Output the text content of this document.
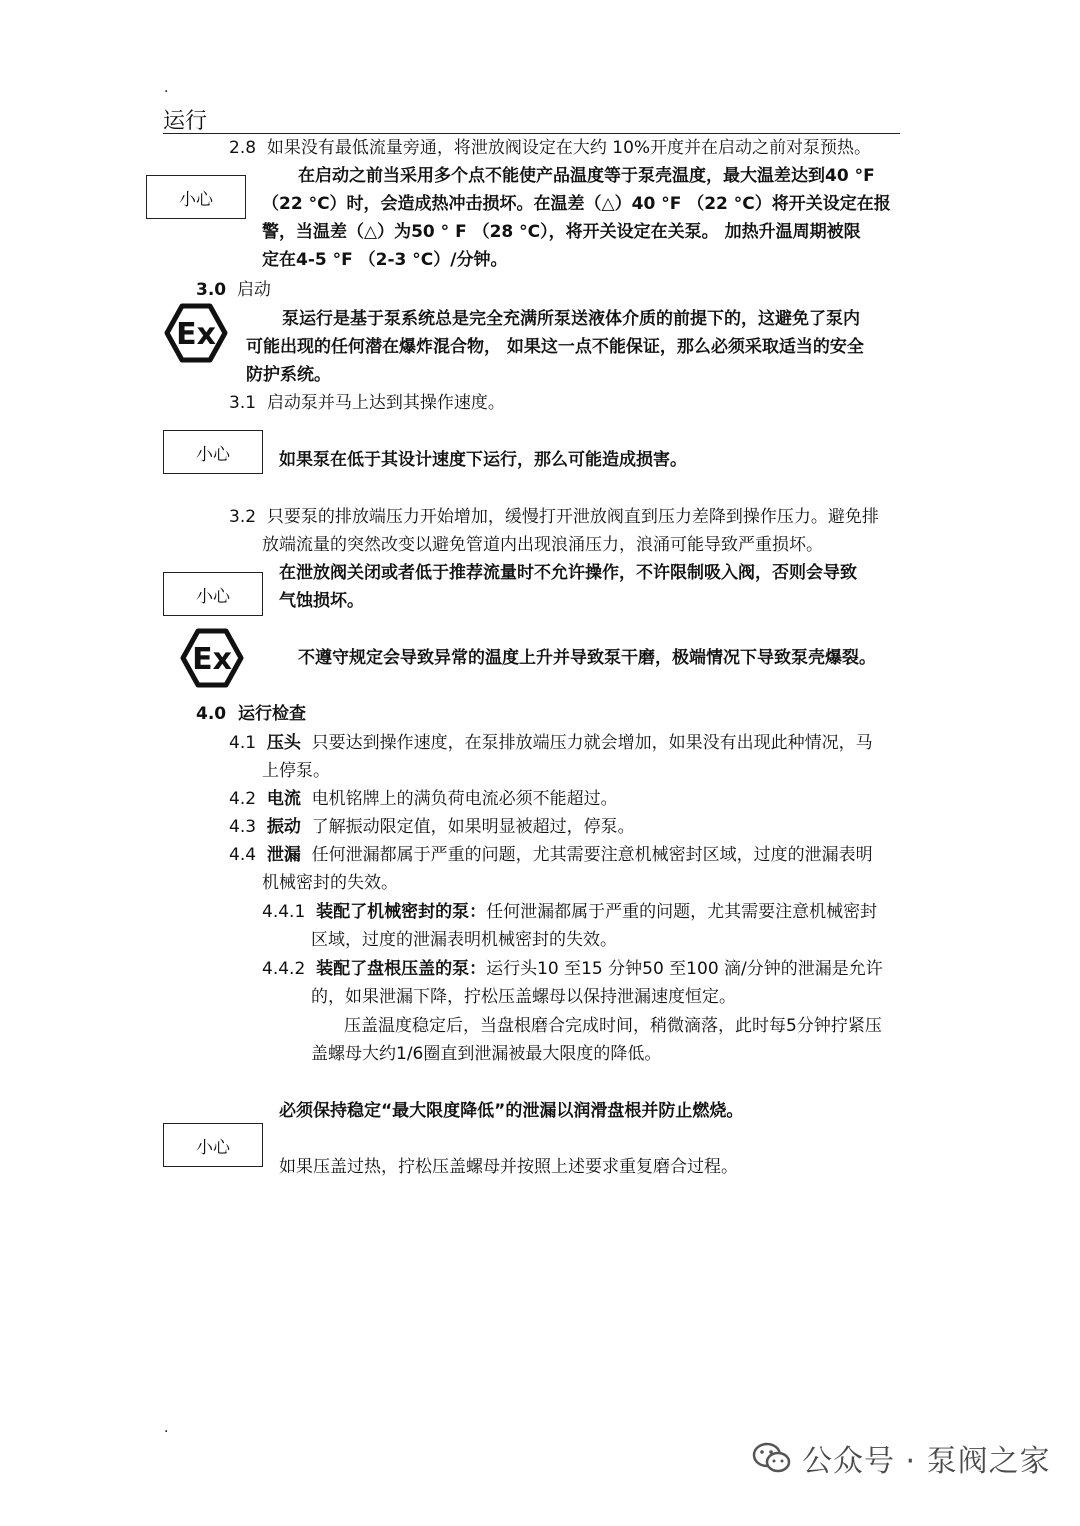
.
运行
2.8 如果没有最低流量旁通，将泄放阀设定在大约 10%开度并在启动之前对泵预热。
小心
在启动之前当采用多个点不能使产品温度等于泵壳温度，最大温差达到40 °F
（22 °C）时，会造成热冲击损坏。在温差（△）40 °F （22 °C）将开关设定在报
警，当温差（△）为50 ° F （28 °C），将开关设定在关泵。 加热升温周期被限
定在4-5 °F （2-3 °C）/分钟。
3.0 启动
Ex	泵运行是基于泵系统总是完全充满所泵送液体介质的前提下的，这避免了泵内
可能出现的任何潜在爆炸混合物， 如果这一点不能保证，那么必须采取适当的安全
防护系统。
3.1 启动泵并马上达到其操作速度。
小心	如果泵在低于其设计速度下运行，那么可能造成损害。
3.2 只要泵的排放端压力开始增加，缓慢打开泄放阀直到压力差降到操作压力。避免排
放端流量的突然改变以避免管道内出现浪涌压力，浪涌可能导致严重损坏。
小心
在泄放阀关闭或者低于推荐流量时不允许操作，不许限制吸入阀，否则会导致
气蚀损坏。
Ex	不遵守规定会导致异常的温度上升并导致泵干磨，极端情况下导致泵壳爆裂。
4.0 运行检查
4.1 压头 只要达到操作速度，在泵排放端压力就会增加，如果没有出现此种情况，马
上停泵。
4.2 电流 电机铭牌上的满负荷电流必须不能超过。
4.3 振动 了解振动限定值，如果明显被超过，停泵。
4.4 泄漏 任何泄漏都属于严重的问题，尤其需要注意机械密封区域，过度的泄漏表明
机械密封的失效。
4.4.1 装配了机械密封的泵：任何泄漏都属于严重的问题，尤其需要注意机械密封
区域，过度的泄漏表明机械密封的失效。
4.4.2 装配了盘根压盖的泵：运行头10 至15 分钟50 至100 滴/分钟的泄漏是允许
的，如果泄漏下降，拧松压盖螺母以保持泄漏速度恒定。
压盖温度稳定后，当盘根磨合完成时间，稍微滴落，此时每5分钟拧紧压
盖螺母大约1/6圈直到泄漏被最大限度的降低。
必须保持稳定“最大限度降低”的泄漏以润滑盘根并防止燃烧。
小心
如果压盖过热，拧松压盖螺母并按照上述要求重复磨合过程。
.
公众号 · 泵阀之家
